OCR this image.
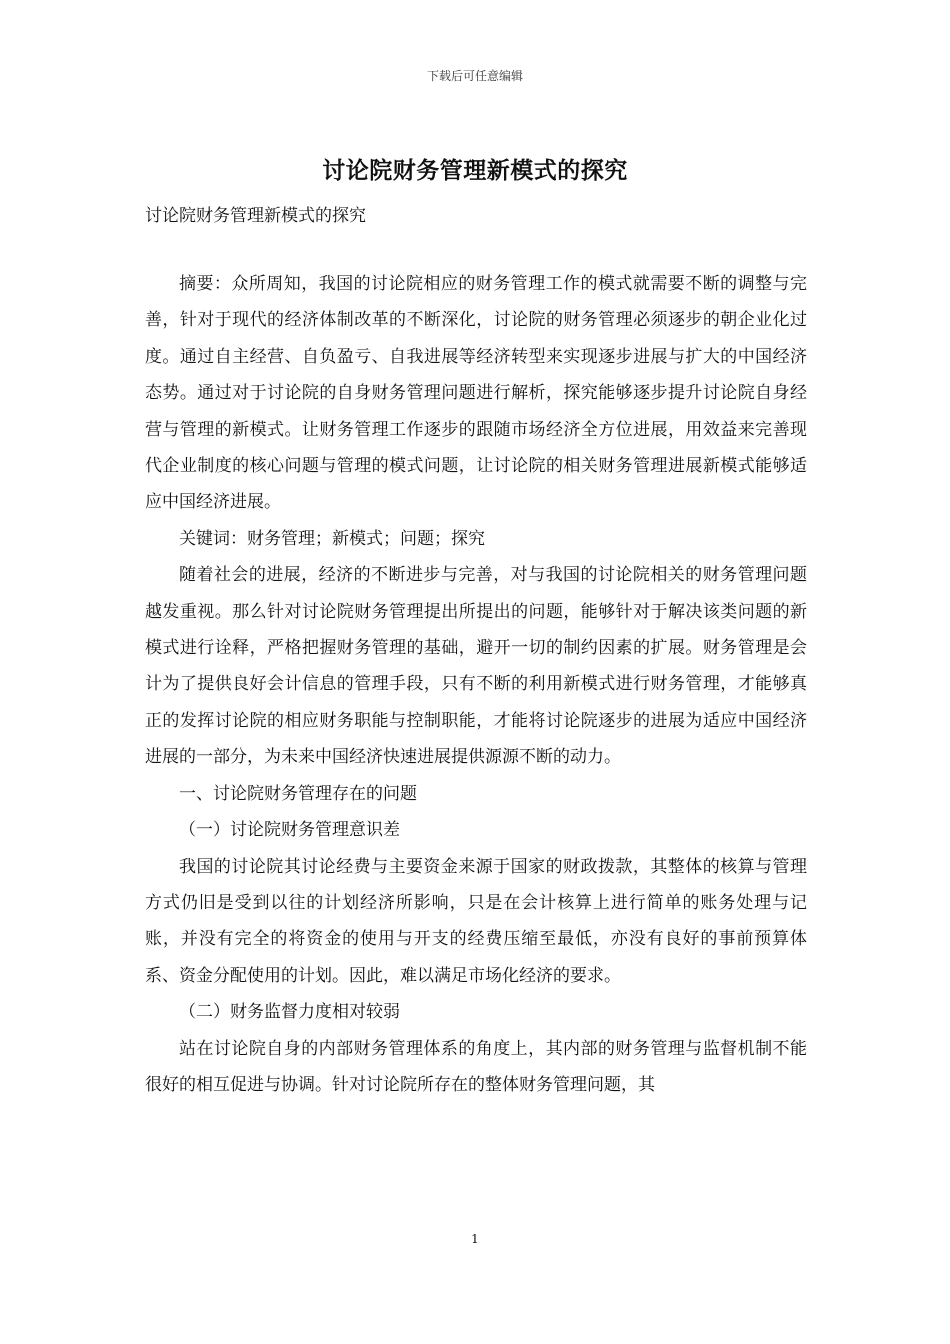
下载后可任意编辑
讨论院财务管理新模式的探究

讨论院财务管理新模式的探究

摘要：众所周知，我国的讨论院相应的财务管理工作的模式就需要不断的调整与完善，针对于现代的经济体制改革的不断深化，讨论院的财务管理必须逐步的朝企业化过度。通过自主经营、自负盈亏、自我进展等经济转型来实现逐步进展与扩大的中国经济态势。通过对于讨论院的自身财务管理问题进行解析，探究能够逐步提升讨论院自身经营与管理的新模式。让财务管理工作逐步的跟随市场经济全方位进展，用效益来完善现代企业制度的核心问题与管理的模式问题，让讨论院的相关财务管理进展新模式能够适应中国经济进展。

关键词：财务管理；新模式；问题；探究

随着社会的进展，经济的不断进步与完善，对与我国的讨论院相关的财务管理问题越发重视。那么针对讨论院财务管理提出所提出的问题，能够针对于解决该类问题的新模式进行诠释，严格把握财务管理的基础，避开一切的制约因素的扩展。财务管理是会计为了提供良好会计信息的管理手段，只有不断的利用新模式进行财务管理，才能够真正的发挥讨论院的相应财务职能与控制职能，才能将讨论院逐步的进展为适应中国经济进展的一部分，为未来中国经济快速进展提供源源不断的动力。

一、讨论院财务管理存在的问题

（一）讨论院财务管理意识差

我国的讨论院其讨论经费与主要资金来源于国家的财政拨款，其整体的核算与管理方式仍旧是受到以往的计划经济所影响，只是在会计核算上进行简单的账务处理与记账，并没有完全的将资金的使用与开支的经费压缩至最低，亦没有良好的事前预算体系、资金分配使用的计划。因此，难以满足市场化经济的要求。

（二）财务监督力度相对较弱

站在讨论院自身的内部财务管理体系的角度上，其内部的财务管理与监督机制不能很好的相互促进与协调。针对讨论院所存在的整体财务管理问题，其

1
